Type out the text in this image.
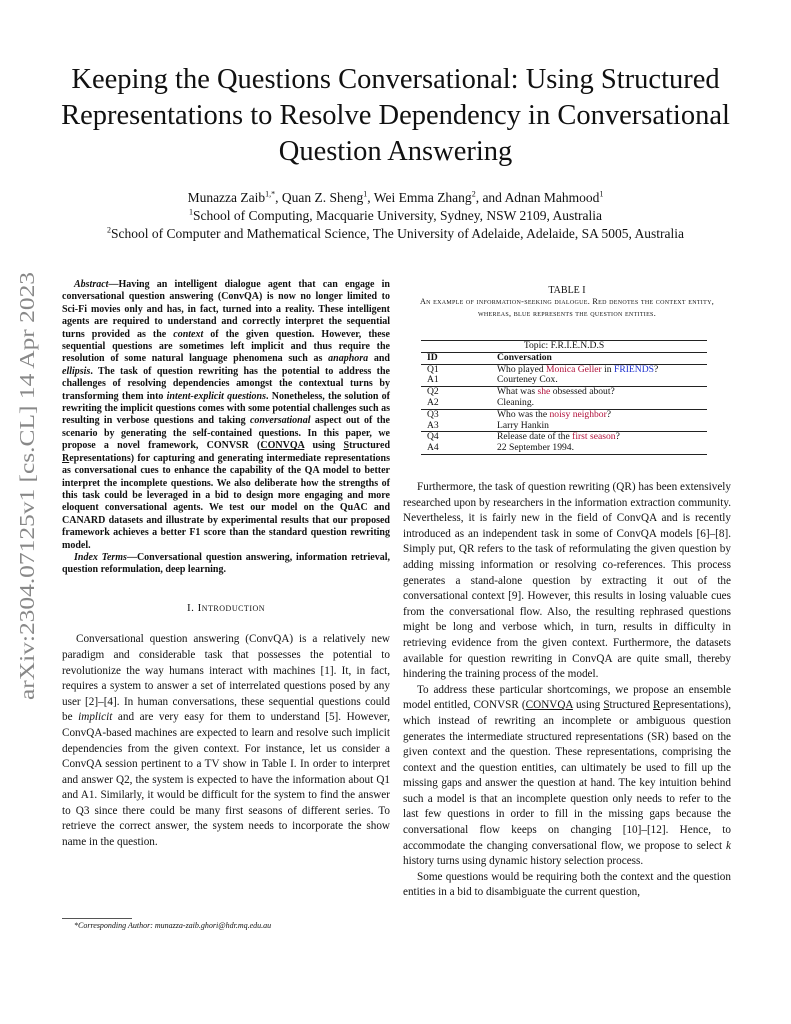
arXiv:2304.07125v1 [cs.CL] 14 Apr 2023
Keeping the Questions Conversational: Using Structured Representations to Resolve Dependency in Conversational Question Answering
Munazza Zaib$^{1,*}$, Quan Z. Sheng$^1$, Wei Emma Zhang$^2$, and Adnan Mahmood$^1$
$^1$School of Computing, Macquarie University, Sydney, NSW 2109, Australia
$^2$School of Computer and Mathematical Science, The University of Adelaide, Adelaide, SA 5005, Australia

Abstract—Having an intelligent dialogue agent that can engage in conversational question answering (ConvQA) is now no longer limited to Sci-Fi movies only and has, in fact, turned into a reality. These intelligent agents are required to understand and correctly interpret the sequential turns provided as the context of the given question. However, these sequential questions are sometimes left implicit and thus require the resolution of some natural language phenomena such as anaphora and ellipsis. The task of question rewriting has the potential to address the challenges of resolving dependencies amongst the contextual turns by transforming them into intent-explicit questions. Nonetheless, the solution of rewriting the implicit questions comes with some potential challenges such as resulting in verbose questions and taking conversational aspect out of the scenario by generating the self-contained questions. In this paper, we propose a novel framework, CONVSR (CONVQA using Structured Representations) for capturing and generating intermediate representations as conversational cues to enhance the capability of the QA model to better interpret the incomplete questions. We also deliberate how the strengths of this task could be leveraged in a bid to design more engaging and more eloquent conversational agents. We test our model on the QuAC and CANARD datasets and illustrate by experimental results that our proposed framework achieves a better F1 score than the standard question rewriting model.

Index Terms—Conversational question answering, information retrieval, question reformulation, deep learning.

I. Introduction

Conversational question answering (ConvQA) is a relatively new paradigm and considerable task that possesses the potential to revolutionize the way humans interact with machines [1]. It, in fact, requires a system to answer a set of interrelated questions posed by any user [2]–[4]. In human conversations, these sequential questions could be implicit and are very easy for them to understand [5]. However, ConvQA-based machines are expected to learn and resolve such implicit dependencies from the given context. For instance, let us consider a ConvQA session pertinent to a TV show in Table I. In order to interpret and answer Q2, the system is expected to have the information about Q1 and A1. Similarly, it would be difficult for the system to find the answer to Q3 since there could be many first seasons of different series. To retrieve the correct answer, the system needs to incorporate the show name in the question.

*Corresponding Author: munazza-zaib.ghori@hdr.mq.edu.au
TABLE I
An example of information-seeking dialogue. Red denotes the context entity, whereas, blue represents the question entities.
Topic: F.R.I.E.N.D.S	
ID	Conversation
Q1	Who played Monica Geller in FRIENDS?
A1	Courteney Cox.
Q2	What was she obsessed about?
A2	Cleaning.
Q3	Who was the noisy neighbor?
A3	Larry Hankin
Q4	Release date of the first season?
A4	22 September 1994.

Furthermore, the task of question rewriting (QR) has been extensively researched upon by researchers in the information extraction community. Nevertheless, it is fairly new in the field of ConvQA and is recently introduced as an independent task in some of ConvQA models [6]–[8]. Simply put, QR refers to the task of reformulating the given question by adding missing information or resolving co-references. This process generates a stand-alone question by extracting it out of the conversational context [9]. However, this results in losing valuable cues from the conversational flow. Also, the resulting rephrased questions might be long and verbose which, in turn, results in difficulty in retrieving evidence from the given context. Furthermore, the datasets available for question rewriting in ConvQA are quite small, thereby hindering the training process of the model.

To address these particular shortcomings, we propose an ensemble model entitled, CONVSR (CONVQA using Structured Representations), which instead of rewriting an incomplete or ambiguous question generates the intermediate structured representations (SR) based on the given context and the question. These representations, comprising the context and the question entities, can ultimately be used to fill up the missing gaps and answer the question at hand. The key intuition behind such a model is that an incomplete question only needs to refer to the last few questions in order to fill in the missing gaps because the conversational flow keeps on changing [10]–[12]. Hence, to accommodate the changing conversational flow, we propose to select k history turns using dynamic history selection process.

Some questions would be requiring both the context and the question entities in a bid to disambiguate the current question,
